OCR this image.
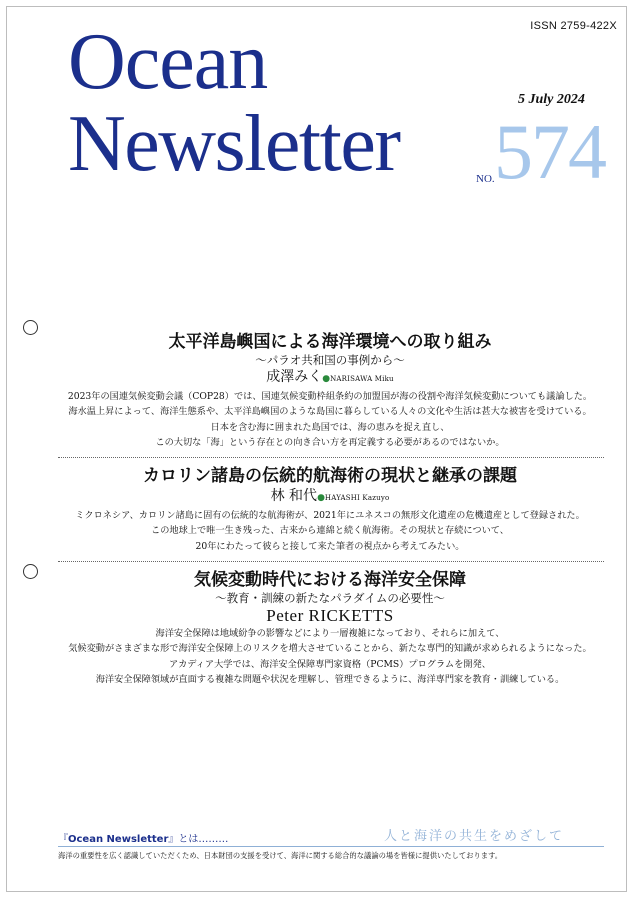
ISSN 2759-422X
Ocean
Newsletter
5 July 2024
NO. 574

太平洋島嶼国による海洋環境への取り組み

〜パラオ共和国の事例から〜

成澤みく●NARISAWA Miku

2023年の国連気候変動会議（COP28）では、国連気候変動枠組条約の加盟国が海の役割や海洋気候変動についても議論した。
海水温上昇によって、海洋生態系や、太平洋島嶼国のような島国に暮らしている人々の文化や生活は甚大な被害を受けている。
日本を含む海に囲まれた島国では、海の恵みを捉え直し、
この大切な「海」という存在との向き合い方を再定義する必要があるのではないか。

カロリン諸島の伝統的航海術の現状と継承の課題

林 和代●HAYASHI Kazuyo

ミクロネシア、カロリン諸島に固有の伝統的な航海術が、2021年にユネスコの無形文化遺産の危機遺産として登録された。
この地球上で唯一生き残った、古来から連綿と続く航海術。その現状と存続について、
20年にわたって彼らと接して来た筆者の視点から考えてみたい。

気候変動時代における海洋安全保障

〜教育・訓練の新たなパラダイムの必要性〜

Peter RICKETTS

海洋安全保障は地域紛争の影響などにより一層複雑になっており、それらに加えて、
気候変動がさまざまな形で海洋安全保障上のリスクを増大させていることから、新たな専門的知識が求められるようになった。
アカディア大学では、海洋安全保障専門家資格（PCMS）プログラムを開発、
海洋安全保障領域が直面する複雑な問題や状況を理解し、管理できるように、海洋専門家を教育・訓練している。
『Ocean Newsletter』とは………	人と海洋の共生をめざして
海洋の重要性を広く認識していただくため、日本財団の支援を受けて、海洋に関する総合的な議論の場を皆様に提供いたしております。
